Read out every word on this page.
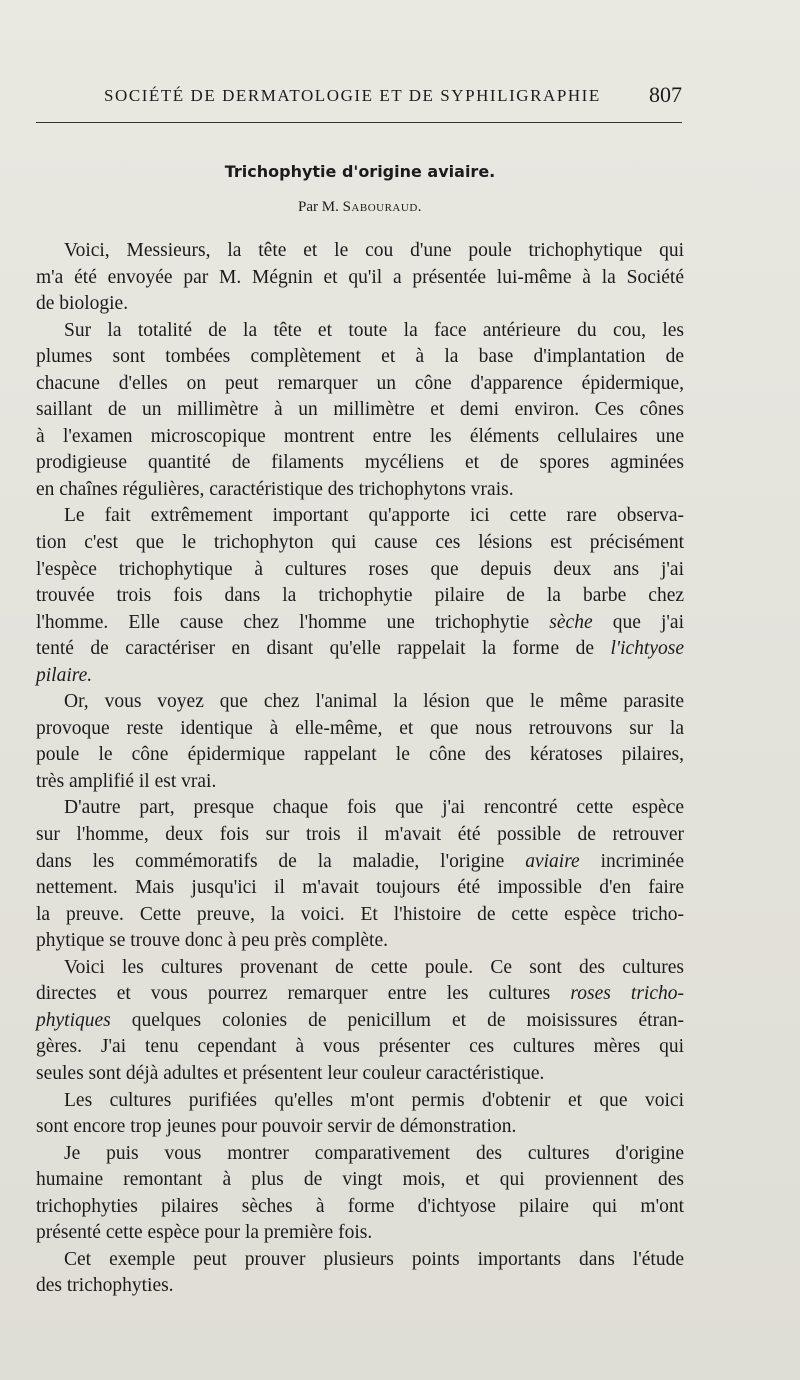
SOCIÉTÉ DE DERMATOLOGIE ET DE SYPHILIGRAPHIE 807
Trichophytie d'origine aviaire.
Par M. Sabouraud.
Voici, Messieurs, la tête et le cou d'une poule trichophytique qui
m'a été envoyée par M. Mégnin et qu'il a présentée lui-même à la Société
de biologie.
Sur la totalité de la tête et toute la face antérieure du cou, les
plumes sont tombées complètement et à la base d'implantation de
chacune d'elles on peut remarquer un cône d'apparence épidermique,
saillant de un millimètre à un millimètre et demi environ. Ces cônes
à l'examen microscopique montrent entre les éléments cellulaires une
prodigieuse quantité de filaments mycéliens et de spores agminées
en chaînes régulières, caractéristique des trichophytons vrais.
Le fait extrêmement important qu'apporte ici cette rare observa-
tion c'est que le trichophyton qui cause ces lésions est précisément
l'espèce trichophytique à cultures roses que depuis deux ans j'ai
trouvée trois fois dans la trichophytie pilaire de la barbe chez
l'homme. Elle cause chez l'homme une trichophytie sèche que j'ai
tenté de caractériser en disant qu'elle rappelait la forme de l'ichtyose
pilaire.
Or, vous voyez que chez l'animal la lésion que le même parasite
provoque reste identique à elle-même, et que nous retrouvons sur la
poule le cône épidermique rappelant le cône des kératoses pilaires,
très amplifié il est vrai.
D'autre part, presque chaque fois que j'ai rencontré cette espèce
sur l'homme, deux fois sur trois il m'avait été possible de retrouver
dans les commémoratifs de la maladie, l'origine aviaire incriminée
nettement. Mais jusqu'ici il m'avait toujours été impossible d'en faire
la preuve. Cette preuve, la voici. Et l'histoire de cette espèce tricho-
phytique se trouve donc à peu près complète.
Voici les cultures provenant de cette poule. Ce sont des cultures
directes et vous pourrez remarquer entre les cultures roses tricho-
phytiques quelques colonies de penicillum et de moisissures étran-
gères. J'ai tenu cependant à vous présenter ces cultures mères qui
seules sont déjà adultes et présentent leur couleur caractéristique.
Les cultures purifiées qu'elles m'ont permis d'obtenir et que voici
sont encore trop jeunes pour pouvoir servir de démonstration.
Je puis vous montrer comparativement des cultures d'origine
humaine remontant à plus de vingt mois, et qui proviennent des
trichophyties pilaires sèches à forme d'ichtyose pilaire qui m'ont
présenté cette espèce pour la première fois.
Cet exemple peut prouver plusieurs points importants dans l'étude
des trichophyties.
